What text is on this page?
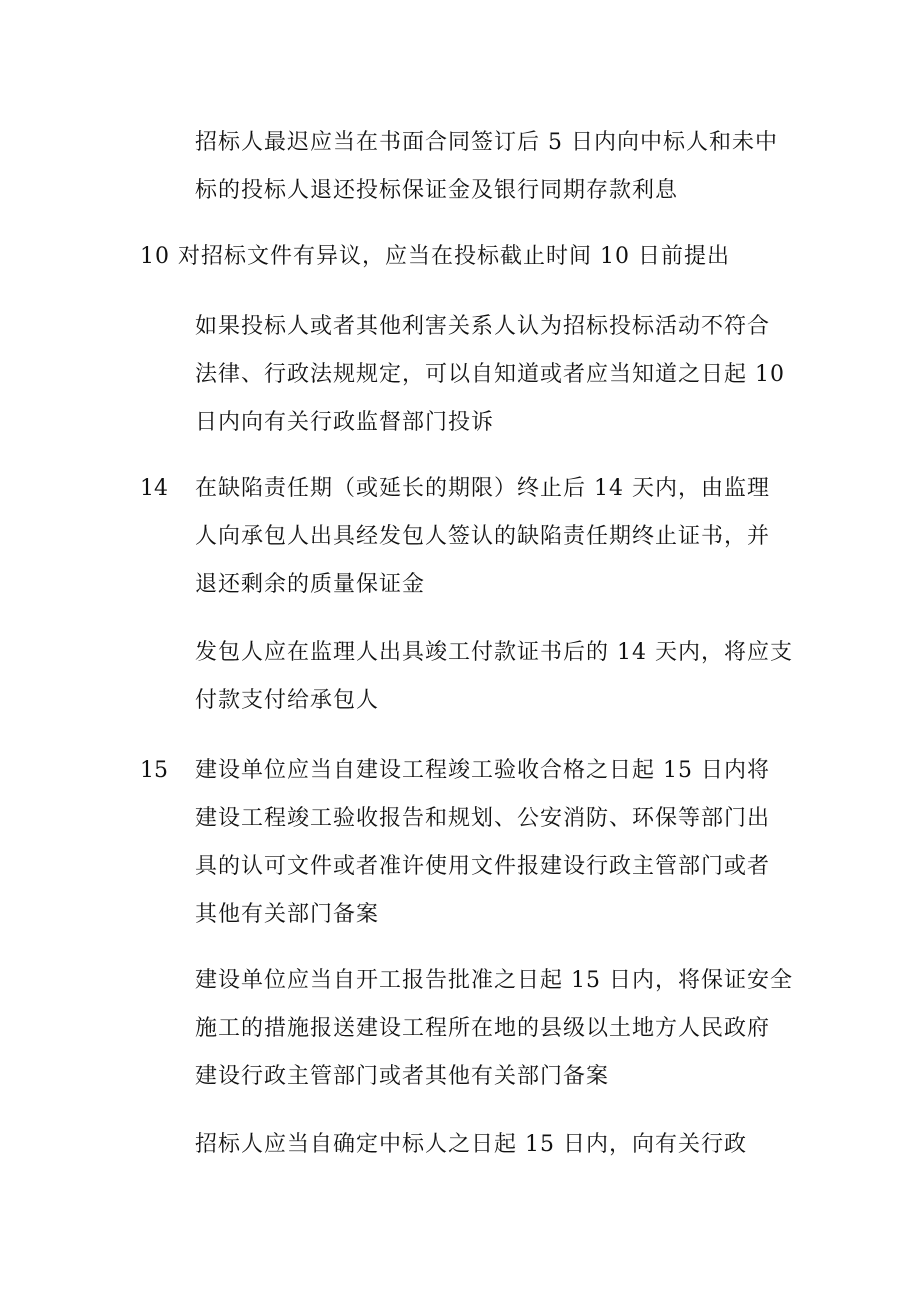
招标人最迟应当在书面合同签订后 5 日内向中标人和未中
标的投标人退还投标保证金及银行同期存款利息
10 对招标文件有异议，应当在投标截止时间 10 日前提出
如果投标人或者其他利害关系人认为招标投标活动不符合
法律、行政法规规定，可以自知道或者应当知道之日起 10
日内向有关行政监督部门投诉
14 在缺陷责任期（或延长的期限）终止后 14 天内，由监理
人向承包人出具经发包人签认的缺陷责任期终止证书，并
退还剩余的质量保证金
发包人应在监理人出具竣工付款证书后的 14 天内，将应支
付款支付给承包人
15 建设单位应当自建设工程竣工验收合格之日起 15 日内将
建设工程竣工验收报告和规划、公安消防、环保等部门出
具的认可文件或者准许使用文件报建设行政主管部门或者
其他有关部门备案
建设单位应当自开工报告批准之日起 15 日内，将保证安全
施工的措施报送建设工程所在地的县级以土地方人民政府
建设行政主管部门或者其他有关部门备案
招标人应当自确定中标人之日起 15 日内，向有关行政
